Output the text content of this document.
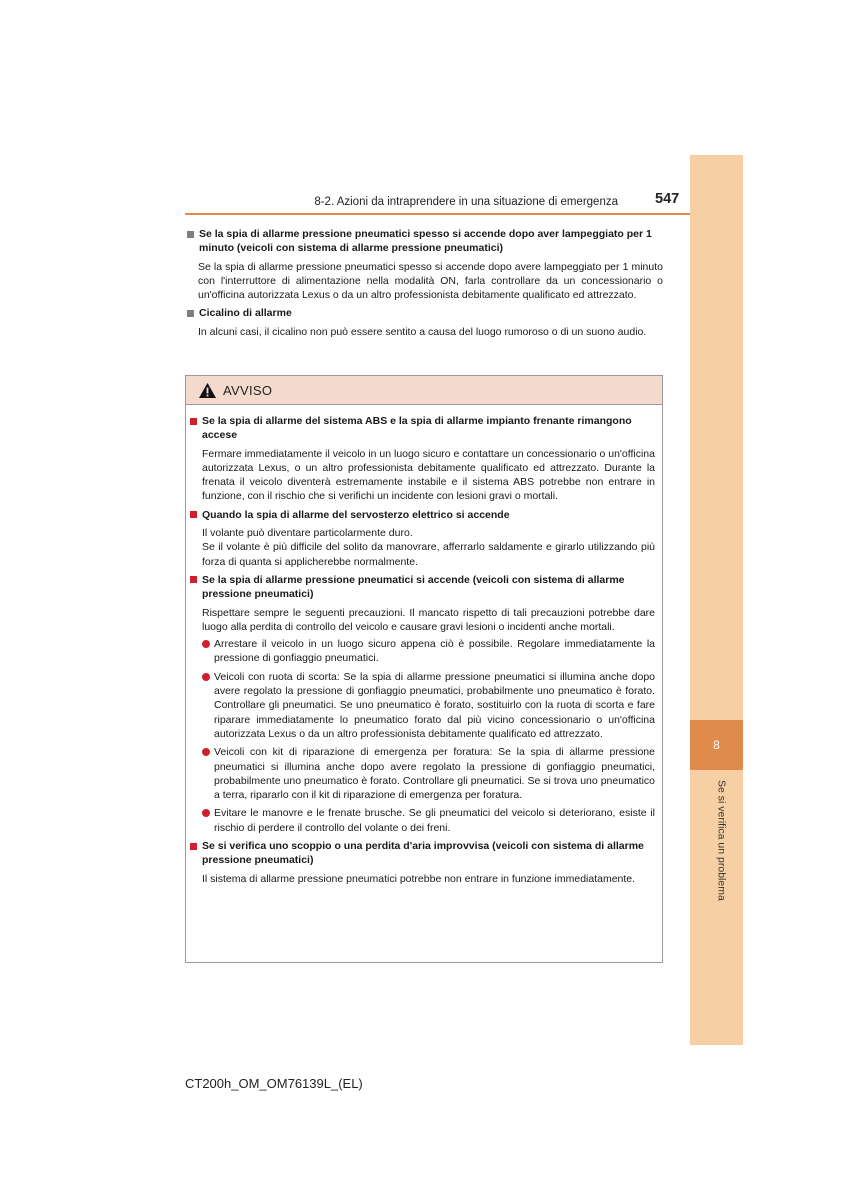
8
Se si verifica un problema
8-2. Azioni da intraprendere in una situazione di emergenza	547
Se la spia di allarme pressione pneumatici spesso si accende dopo aver lampeggiato per 1 minuto (veicoli con sistema di allarme pressione pneumatici)
Se la spia di allarme pressione pneumatici spesso si accende dopo avere lampeggiato per 1 minuto con l'interruttore di alimentazione nella modalità ON, farla controllare da un concessionario o un'officina autorizzata Lexus o da un altro professionista debitamente qualificato ed attrezzato.
Cicalino di allarme
In alcuni casi, il cicalino non può essere sentito a causa del luogo rumoroso o di un suono audio.
AVVISO
Se la spia di allarme del sistema ABS e la spia di allarme impianto frenante rimangono accese
Fermare immediatamente il veicolo in un luogo sicuro e contattare un concessionario o un'officina autorizzata Lexus, o un altro professionista debitamente qualificato ed attrezzato. Durante la frenata il veicolo diventerà estremamente instabile e il sistema ABS potrebbe non entrare in funzione, con il rischio che si verifichi un incidente con lesioni gravi o mortali.
Quando la spia di allarme del servosterzo elettrico si accende
Il volante può diventare particolarmente duro.
Se il volante è più difficile del solito da manovrare, afferrarlo saldamente e girarlo utilizzando più forza di quanta si applicherebbe normalmente.
Se la spia di allarme pressione pneumatici si accende (veicoli con sistema di allarme pressione pneumatici)
Rispettare sempre le seguenti precauzioni. Il mancato rispetto di tali precauzioni potrebbe dare luogo alla perdita di controllo del veicolo e causare gravi lesioni o incidenti anche mortali.
Arrestare il veicolo in un luogo sicuro appena ciò è possibile. Regolare immediatamente la pressione di gonfiaggio pneumatici.
Veicoli con ruota di scorta: Se la spia di allarme pressione pneumatici si illumina anche dopo avere regolato la pressione di gonfiaggio pneumatici, probabilmente uno pneumatico è forato. Controllare gli pneumatici. Se uno pneumatico è forato, sostituirlo con la ruota di scorta e fare riparare immediatamente lo pneumatico forato dal più vicino concessionario o un'officina autorizzata Lexus o da un altro professionista debitamente qualificato ed attrezzato.
Veicoli con kit di riparazione di emergenza per foratura: Se la spia di allarme pressione pneumatici si illumina anche dopo avere regolato la pressione di gonfiaggio pneumatici, probabilmente uno pneumatico è forato. Controllare gli pneumatici. Se si trova uno pneumatico a terra, ripararlo con il kit di riparazione di emergenza per foratura.
Evitare le manovre e le frenate brusche. Se gli pneumatici del veicolo si deteriorano, esiste il rischio di perdere il controllo del volante o dei freni.
Se si verifica uno scoppio o una perdita d'aria improvvisa (veicoli con sistema di allarme pressione pneumatici)
Il sistema di allarme pressione pneumatici potrebbe non entrare in funzione immediatamente.
CT200h_OM_OM76139L_(EL)
